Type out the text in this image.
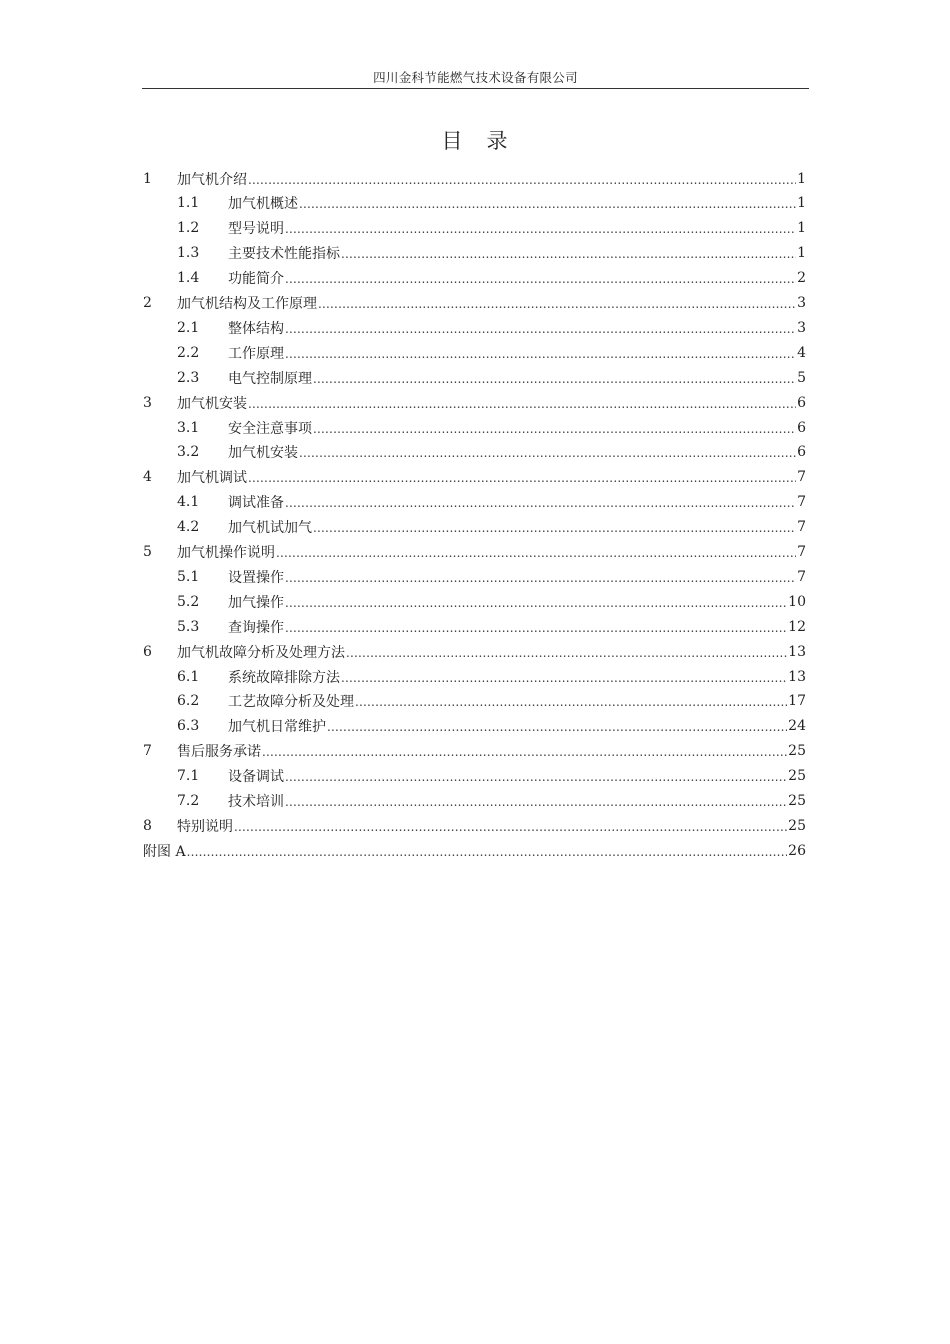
四川金科节能燃气技术设备有限公司
目 录
1	加气机介绍 .....	1
1.1	加气机概述 .....	1
1.2	型号说明 .....	1
1.3	主要技术性能指标 .....	1
1.4	功能简介 .....	2
2	加气机结构及工作原理 .....	3
2.1	整体结构 .....	3
2.2	工作原理 .....	4
2.3	电气控制原理 .....	5
3	加气机安装 .....	6
3.1	安全注意事项 .....	6
3.2	加气机安装 .....	6
4	加气机调试 .....	7
4.1	调试准备 .....	7
4.2	加气机试加气 .....	7
5	加气机操作说明 .....	7
5.1	设置操作 .....	7
5.2	加气操作 .....	10
5.3	查询操作 .....	12
6	加气机故障分析及处理方法 .....	13
6.1	系统故障排除方法 .....	13
6.2	工艺故障分析及处理 .....	17
6.3	加气机日常维护 .....	24
7	售后服务承诺 .....	25
7.1	设备调试 .....	25
7.2	技术培训 .....	25
8	特别说明 .....	25
附图 A .....	26
